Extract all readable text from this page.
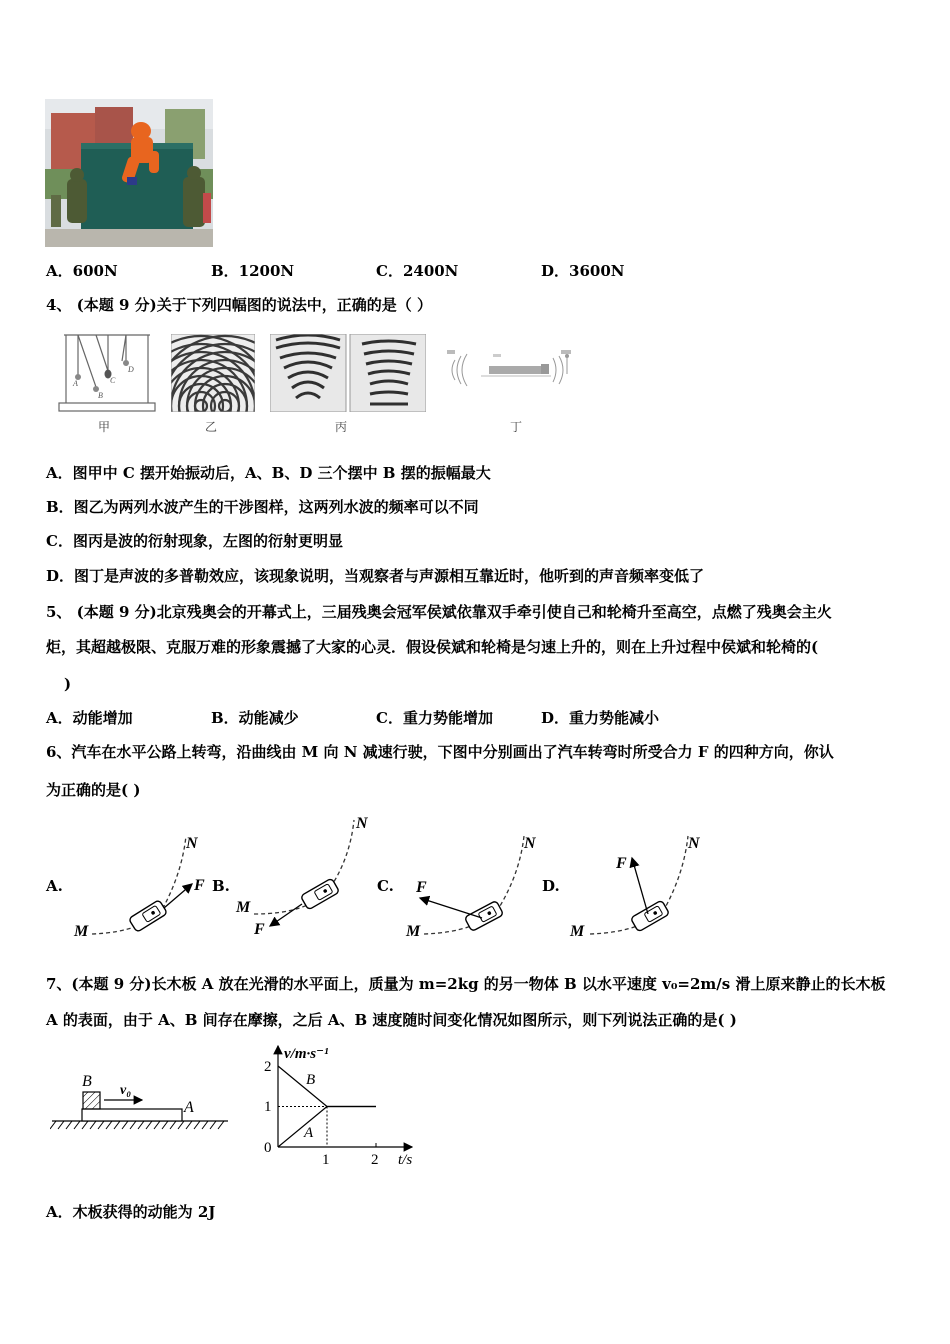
A．600N	B．1200N	C．2400N	D．3600N
4、 (本题 9 分)关于下列四幅图的说法中，正确的是（ ）
A
B
C
D
甲	乙	丙	丁
A．图甲中 C 摆开始振动后，A、B、D 三个摆中 B 摆的振幅最大
B．图乙为两列水波产生的干涉图样，这两列水波的频率可以不同
C．图丙是波的衍射现象，左图的衍射更明显
D．图丁是声波的多普勒效应，该现象说明，当观察者与声源相互靠近时，他听到的声音频率变低了
5、 (本题 9 分)北京残奥会的开幕式上，三届残奥会冠军侯斌依靠双手牵引使自己和轮椅升至高空，点燃了残奥会主火
炬，其超越极限、克服万难的形象震撼了大家的心灵．假设侯斌和轮椅是匀速上升的，则在上升过程中侯斌和轮椅的(
)
A．动能增加	B．动能减少	C．重力势能增加	D．重力势能减小
6、汽车在水平公路上转弯，沿曲线由 M 向 N 减速行驶，下图中分别画出了汽车转弯时所受合力 F 的四种方向，你认
为正确的是( )
A.	B.	C.	D.
M
N
F
M
N
F	M
N
F
M
N
F
7、(本题 9 分)长木板 A 放在光滑的水平面上，质量为 m=2kg 的另一物体 B 以水平速度 v₀=2m/s 滑上原来静止的长木板
A 的表面，由于 A、B 间存在摩擦，之后 A、B 速度随时间变化情况如图所示，则下列说法正确的是( )
B
v₀
A
v/m·s⁻¹
t/s
2
1
0
1	2
B
A
A．木板获得的动能为 2J
